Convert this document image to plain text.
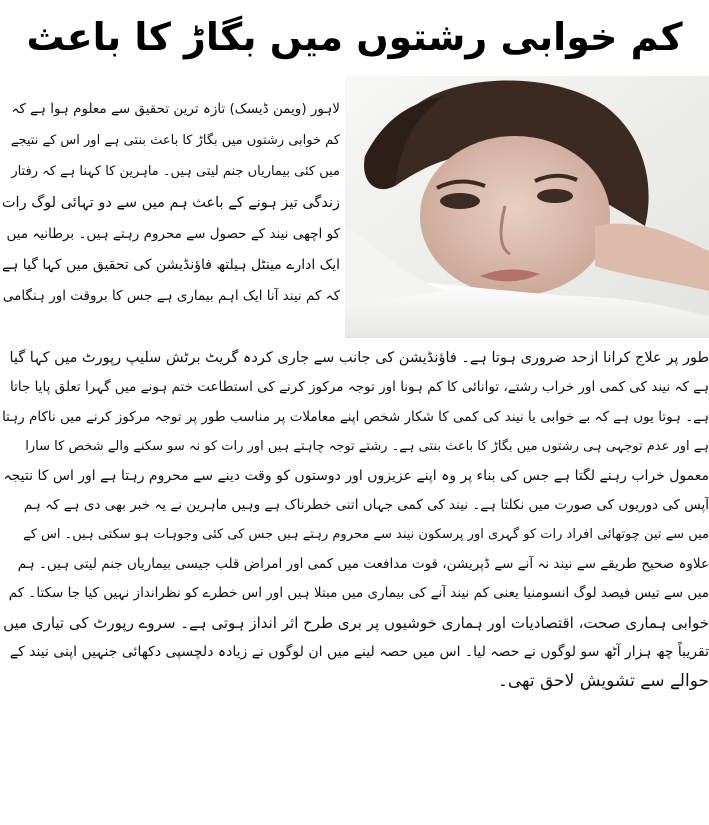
کم خوابی رشتوں میں بگاڑ کا باعث
لاہور (ویمن ڈیسک) تازہ ترین تحقیق سے معلوم ہوا ہے کہ
کم خوابی رشتوں میں بگاڑ کا باعث بنتی ہے اور اس کے نتیجے
میں کئی بیماریاں جنم لیتی ہیں۔ ماہرین کا کہنا ہے کہ رفتار
زندگی تیز ہونے کے باعث ہم میں سے دو تہائی لوگ رات
کو اچھی نیند کے حصول سے محروم رہتے ہیں۔ برطانیہ میں
ایک ادارے مینٹل ہیلتھ فاؤنڈیشن کی تحقیق میں کہا گیا ہے
کہ کم نیند آنا ایک اہم بیماری ہے جس کا بروقت اور ہنگامی
طور پر علاج کرانا ازحد ضروری ہوتا ہے۔ فاؤنڈیشن کی جانب سے جاری کردہ گریٹ برٹش سلیپ رپورٹ میں کہا گیا
ہے کہ نیند کی کمی اور خراب رشتے، توانائی کا کم ہونا اور توجہ مرکوز کرنے کی استطاعت ختم ہونے میں گہرا تعلق پایا جاتا
ہے۔ ہوتا یوں ہے کہ بے خوابی یا نیند کی کمی کا شکار شخص اپنے معاملات پر مناسب طور پر توجہ مرکوز کرنے میں ناکام رہتا
ہے اور عدم توجہی ہی رشتوں میں بگاڑ کا باعث بنتی ہے۔ رشتے توجہ چاہتے ہیں اور رات کو نہ سو سکنے والے شخص کا سارا
معمول خراب رہنے لگتا ہے جس کی بناء پر وہ اپنے عزیزوں اور دوستوں کو وقت دینے سے محروم رہتا ہے اور اس کا نتیجہ
آپس کی دوریوں کی صورت میں نکلتا ہے۔ نیند کی کمی جہاں اتنی خطرناک ہے وہیں ماہرین نے یہ خبر بھی دی ہے کہ ہم
میں سے تین چوتھائی افراد رات کو گہری اور پرسکون نیند سے محروم رہتے ہیں جس کی کئی وجوہات ہو سکتی ہیں۔ اس کے
علاوہ صحیح طریقے سے نیند نہ آنے سے ڈپریشن، قوت مدافعت میں کمی اور امراض قلب جیسی بیماریاں جنم لیتی ہیں۔ ہم
میں سے تیس فیصد لوگ انسومنیا یعنی کم نیند آنے کی بیماری میں مبتلا ہیں اور اس خطرے کو نظرانداز نہیں کیا جا سکتا۔ کم
خوابی ہماری صحت، اقتصادیات اور ہماری خوشیوں پر بری طرح اثر انداز ہوتی ہے۔ سروے رپورٹ کی تیاری میں
تقریباً چھ ہزار آٹھ سو لوگوں نے حصہ لیا۔ اس میں حصہ لینے میں ان لوگوں نے زیادہ دلچسپی دکھائی جنہیں اپنی نیند کے
حوالے سے تشویش لاحق تھی۔
